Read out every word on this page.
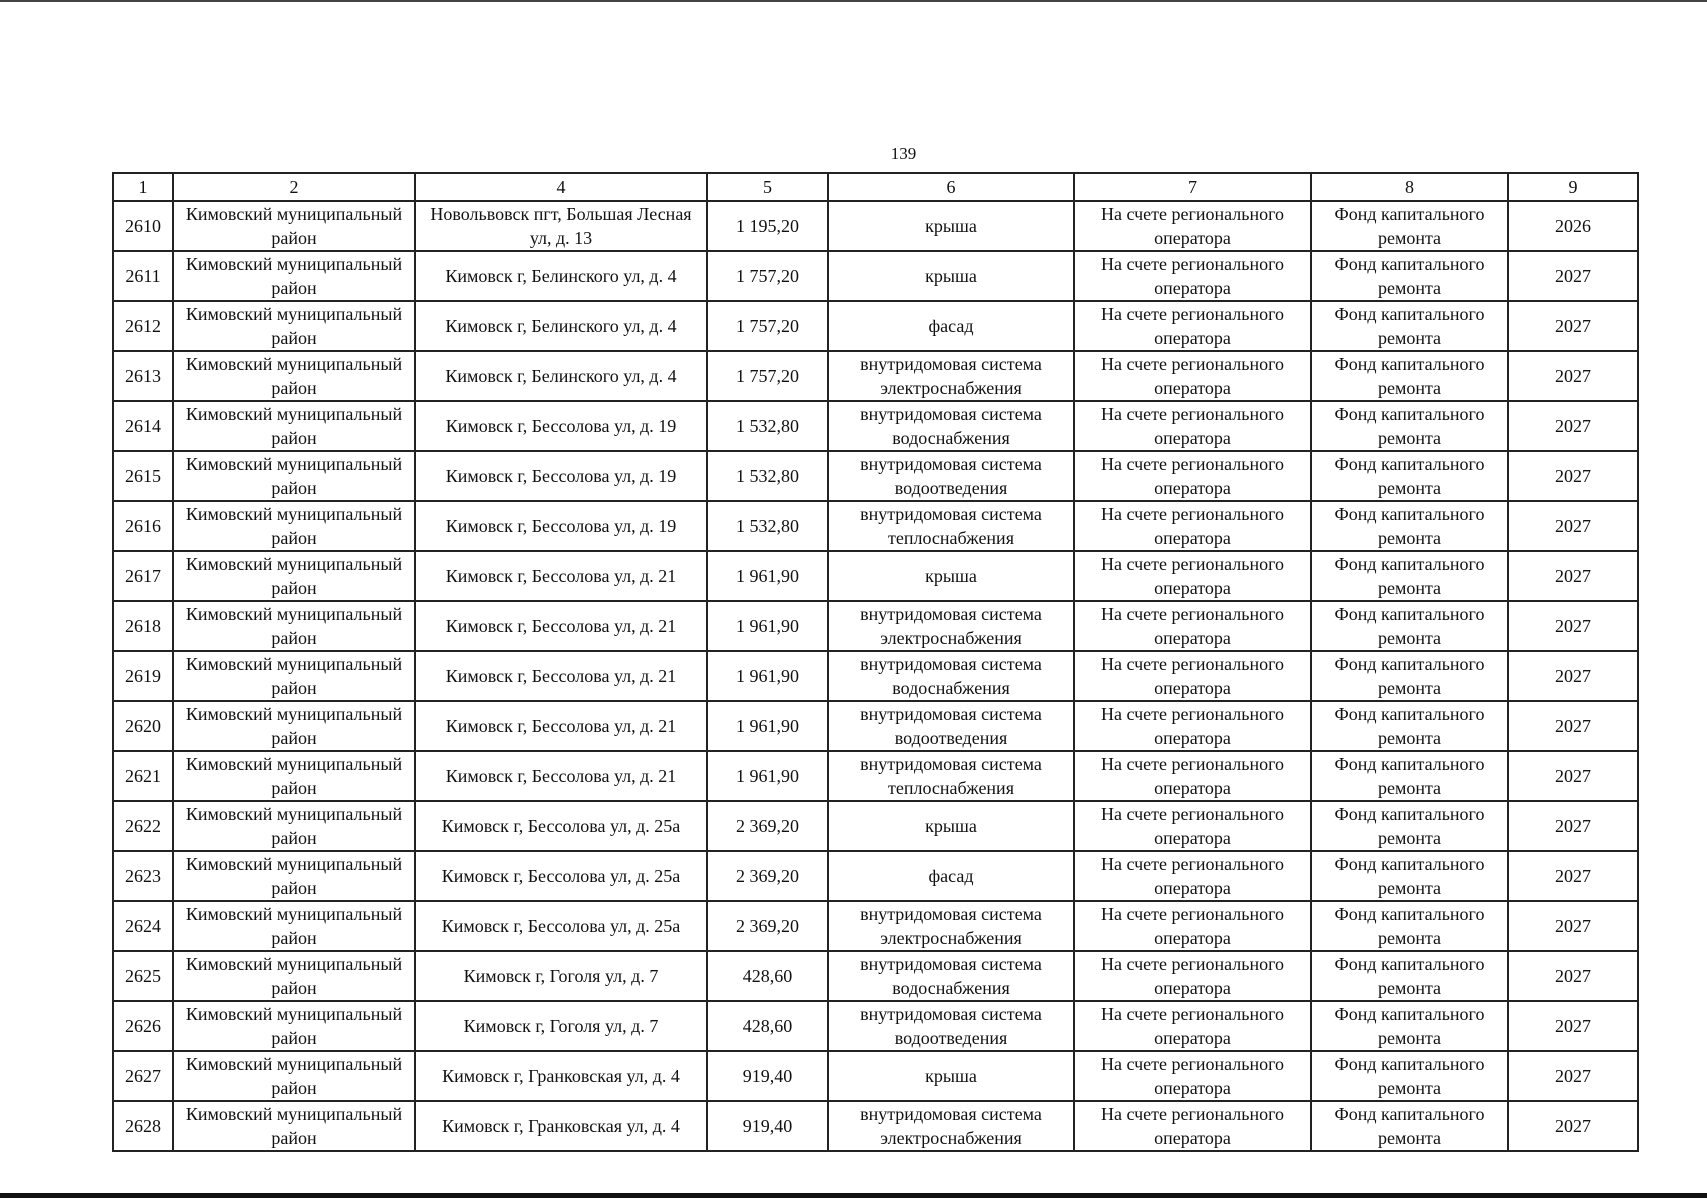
139
1	2	4	5	6	7	8	9
2610	Кимовский муниципальный район	Новольвовск пгт, Большая Лесная ул, д. 13	1 195,20	крыша	На счете регионального оператора	Фонд капитального ремонта	2026
2611	Кимовский муниципальный район	Кимовск г, Белинского ул, д. 4	1 757,20	крыша	На счете регионального оператора	Фонд капитального ремонта	2027
2612	Кимовский муниципальный район	Кимовск г, Белинского ул, д. 4	1 757,20	фасад	На счете регионального оператора	Фонд капитального ремонта	2027
2613	Кимовский муниципальный район	Кимовск г, Белинского ул, д. 4	1 757,20	внутридомовая система электроснабжения	На счете регионального оператора	Фонд капитального ремонта	2027
2614	Кимовский муниципальный район	Кимовск г, Бессолова ул, д. 19	1 532,80	внутридомовая система водоснабжения	На счете регионального оператора	Фонд капитального ремонта	2027
2615	Кимовский муниципальный район	Кимовск г, Бессолова ул, д. 19	1 532,80	внутридомовая система водоотведения	На счете регионального оператора	Фонд капитального ремонта	2027
2616	Кимовский муниципальный район	Кимовск г, Бессолова ул, д. 19	1 532,80	внутридомовая система теплоснабжения	На счете регионального оператора	Фонд капитального ремонта	2027
2617	Кимовский муниципальный район	Кимовск г, Бессолова ул, д. 21	1 961,90	крыша	На счете регионального оператора	Фонд капитального ремонта	2027
2618	Кимовский муниципальный район	Кимовск г, Бессолова ул, д. 21	1 961,90	внутридомовая система электроснабжения	На счете регионального оператора	Фонд капитального ремонта	2027
2619	Кимовский муниципальный район	Кимовск г, Бессолова ул, д. 21	1 961,90	внутридомовая система водоснабжения	На счете регионального оператора	Фонд капитального ремонта	2027
2620	Кимовский муниципальный район	Кимовск г, Бессолова ул, д. 21	1 961,90	внутридомовая система водоотведения	На счете регионального оператора	Фонд капитального ремонта	2027
2621	Кимовский муниципальный район	Кимовск г, Бессолова ул, д. 21	1 961,90	внутридомовая система теплоснабжения	На счете регионального оператора	Фонд капитального ремонта	2027
2622	Кимовский муниципальный район	Кимовск г, Бессолова ул, д. 25а	2 369,20	крыша	На счете регионального оператора	Фонд капитального ремонта	2027
2623	Кимовский муниципальный район	Кимовск г, Бессолова ул, д. 25а	2 369,20	фасад	На счете регионального оператора	Фонд капитального ремонта	2027
2624	Кимовский муниципальный район	Кимовск г, Бессолова ул, д. 25а	2 369,20	внутридомовая система электроснабжения	На счете регионального оператора	Фонд капитального ремонта	2027
2625	Кимовский муниципальный район	Кимовск г, Гоголя ул, д. 7	428,60	внутридомовая система водоснабжения	На счете регионального оператора	Фонд капитального ремонта	2027
2626	Кимовский муниципальный район	Кимовск г, Гоголя ул, д. 7	428,60	внутридомовая система водоотведения	На счете регионального оператора	Фонд капитального ремонта	2027
2627	Кимовский муниципальный район	Кимовск г, Гранковская ул, д. 4	919,40	крыша	На счете регионального оператора	Фонд капитального ремонта	2027
2628	Кимовский муниципальный район	Кимовск г, Гранковская ул, д. 4	919,40	внутридомовая система электроснабжения	На счете регионального оператора	Фонд капитального ремонта	2027
